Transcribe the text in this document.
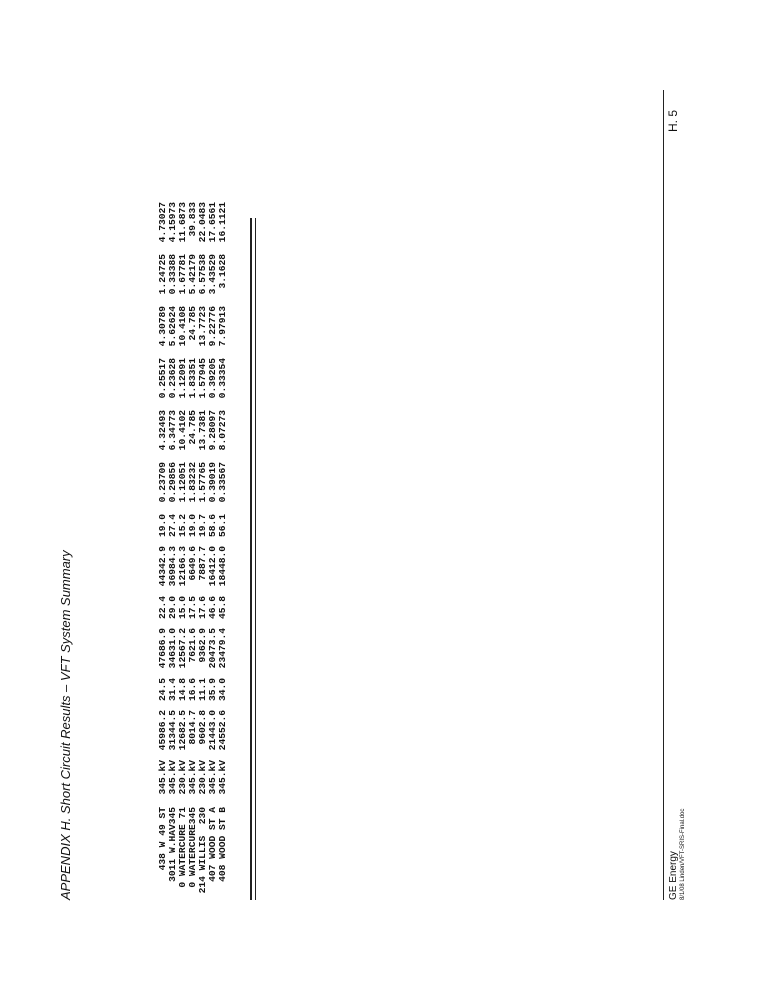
APPENDIX H. Short Circuit Results – VFT System Summary

	438 W 49 ST	345.kV	45986.2	24.5	47686.9	22.4	44342.9	19.0	0.23709	4.32493	0.25517	4.30789	1.24725	4.73027
3011 W.HAV345	345.kV	31344.5	31.4	34631.0	29.0	36984.3	27.4	0.29856	6.34773	0.23628	5.62624	0.33388	4.15973
0 WATERCURE 71	230.kV	12682.5	14.8	12567.2	15.0	12166.3	15.2	1.12051	10.4102	1.12091	10.4108	1.67781	11.6873
0 WATERCURE345	345.kV	8014.7	16.6	7621.6	17.5	6649.6	19.0	1.83232	24.785	1.83351	24.785	5.42179	39.833
214 WILLIS  230	230.kV	9602.8	11.1	9362.9	17.6	7887.7	19.7	1.57765	13.7381	1.57945	13.7723	6.57538	22.0483
407 WOOD ST A	345.kV	21443.0	35.9	20473.5	46.6	16412.0	58.6	0.39019	9.28097	0.39205	9.22776	3.43529	17.6561
408 WOOD ST B	345.kV	24552.6	34.0	23479.4	45.8	18448.0	56.1	0.33567	8.07273	0.33354	7.97913	3.1628	16.1121

GE Energy 8/1/08 Linden/VFT-SRIS-Final.doc
H. 5
